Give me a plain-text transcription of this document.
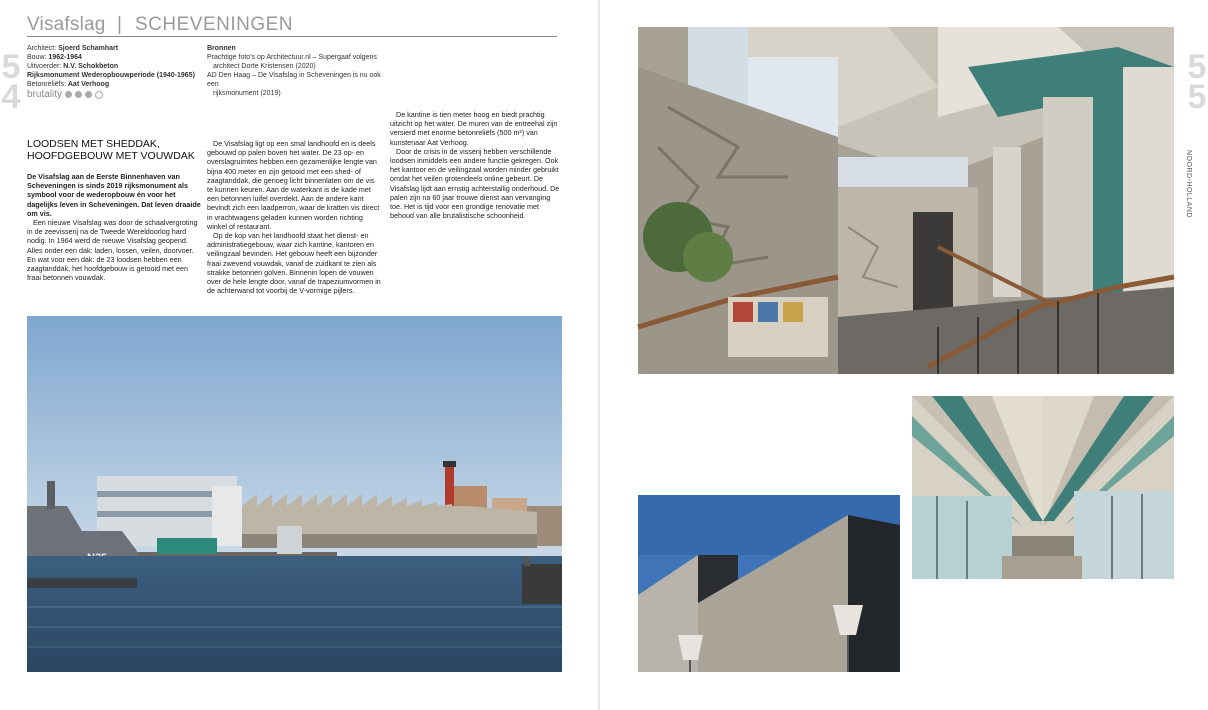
Visafslag | SCHEVENINGEN
5
4
Architect: Sjoerd Schamhart
Bouw: 1962-1964
Uitvoerder: N.V. Schokbeton
Rijksmonument Wederopbouwperiode (1940-1965)
Betonreliëfs: Aat Verhoog
Bronnen
Prachtige foto's op Architectuur.nl – Supergaaf volgens
architect Dorte Kristensen (2020)
AD Den Haag – De Visafslag in Scheveningen is nu ook een
rijksmonument (2019)
brutality
LOODSEN MET SHEDDAK, HOOFDGEBOUW MET VOUWDAK

De Visafslag aan de Eerste Binnenhaven van Scheveningen is sinds 2019 rijksmonument als symbool voor de wederopbouw én voor het dagelijks leven in Scheveningen. Dat leven draaide om vis.

Een nieuwe Visafslag was door de schaalvergroting in de zeevisserij na de Tweede Wereldoorlog hard nodig. In 1964 werd de nieuwe Visafslag geopend. Alles onder een dak: laden, lossen, veilen, doorvoer. En wat voor een dak: de 23 loodsen hebben een zaagtanddak, het hoofdgebouw is getooid met een fraai betonnen vouwdak.

De Visafslag ligt op een smal landhoofd en is deels gebouwd op palen boven het water. De 23 op- en overslagruimtes hebben een gezamenlijke lengte van bijna 400 meter en zijn getooid met een shed- of zaagtanddak, die genoeg licht binnenlaten om de vis te kunnen keuren. Aan de waterkant is de kade met een betonnen luifel overdekt. Aan de andere kant bevindt zich een laadperron, waar de kratten vis direct in vrachtwagens geladen kunnen worden richting winkel of restaurant.

Op de kop van het landhoofd staat het dienst- en administratiegebouw, waar zich kantine, kantoren en veilingzaal bevinden. Het gebouw heeft een bijzonder fraai zwevend vouwdak, vanaf de zuidkant te zien als strakke betonnen golven. Binnenin lopen de vouwen over de hele lengte door, vanaf de trapeziumvormen in de achterwand tot voorbij de V-vormige pijlers.

De kantine is tien meter hoog en biedt prachtig uitzicht op het water. De muren van de entreehal zijn versierd met enorme betonreliëfs (500 m²) van kunstenaar Aat Verhoog.

Door de crisis in de visserij hebben verschillende loodsen inmiddels een andere functie gekregen. Ook het kantoor en de veilingzaal worden minder gebruikt omdat het veilen grotendeels online gebeurt. De Visafslag lijdt aan ernstig achterstallig onderhoud. De palen zijn na 60 jaar trouwe dienst aan vervanging toe. Het is tijd voor een grondige renovatie met behoud van alle brutalistische schoonheid.

5
5
NOORD-HOLLAND
